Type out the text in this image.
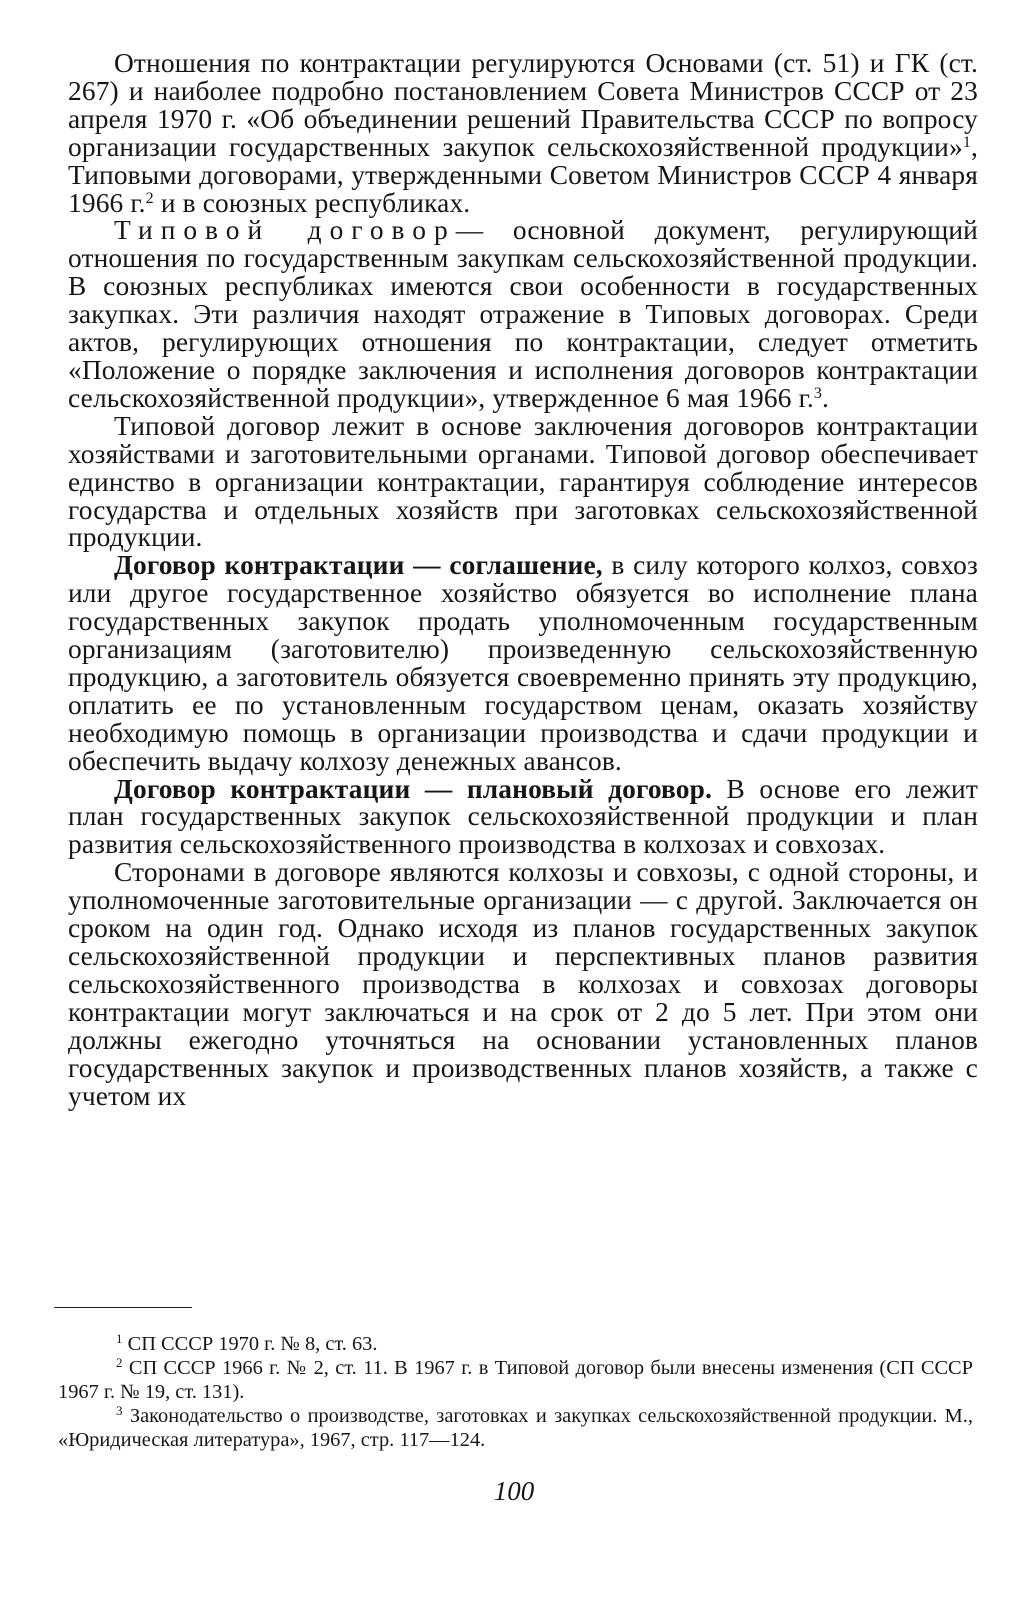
Отношения по контрактации регулируются Основами (ст. 51) и ГК (ст. 267) и наиболее подробно постановлением Совета Министров СССР от 23 апреля 1970 г. «Об объединении решений Правительства СССР по вопросу организации государственных закупок сельскохозяйственной продукции»$^1$, Типовыми договорами, утвержденными Советом Министров СССР 4 января 1966 г.$^2$ и в союзных республиках.

Типовой договор— основной документ, регулирующий отношения по государственным закупкам сельскохозяйственной продукции. В союзных республиках имеются свои особенности в государственных закупках. Эти различия находят отражение в Типовых договорах. Среди актов, регулирующих отношения по контрактации, следует отметить «Положение о порядке заключения и исполнения договоров контрактации сельскохозяйственной продукции», утвержденное 6 мая 1966 г.$^3$.

Типовой договор лежит в основе заключения договоров контрактации хозяйствами и заготовительными органами. Типовой договор обеспечивает единство в организации контрактации, гарантируя соблюдение интересов государства и отдельных хозяйств при заготовках сельскохозяйственной продукции.

Договор контрактации — соглашение, в силу которого колхоз, совхоз или другое государственное хозяйство обязуется во исполнение плана государственных закупок продать уполномоченным государственным организациям (заготовителю) произведенную сельскохозяйственную продукцию, а заготовитель обязуется своевременно принять эту продукцию, оплатить ее по установленным государством ценам, оказать хозяйству необходимую помощь в организации производства и сдачи продукции и обеспечить выдачу колхозу денежных авансов.

Договор контрактации — плановый договор. В основе его лежит план государственных закупок сельскохозяйственной продукции и план развития сельскохозяйственного производства в колхозах и совхозах.

Сторонами в договоре являются колхозы и совхозы, с одной стороны, и уполномоченные заготовительные организации — с другой. Заключается он сроком на один год. Однако исходя из планов государственных закупок сельскохозяйственной продукции и перспективных планов развития сельскохозяйственного производства в колхозах и совхозах договоры контрактации могут заключаться и на срок от 2 до 5 лет. При этом они должны ежегодно уточняться на основании установленных планов государственных закупок и производственных планов хозяйств, а также с учетом их

$^1$ СП СССР 1970 г. № 8, ст. 63.

$^2$ СП СССР 1966 г. № 2, ст. 11. В 1967 г. в Типовой договор были внесены изменения (СП СССР 1967 г. № 19, ст. 131).

$^3$ Законодательство о производстве, заготовках и закупках сельскохозяйственной продукции. М., «Юридическая литература», 1967, стр. 117—124.

100
